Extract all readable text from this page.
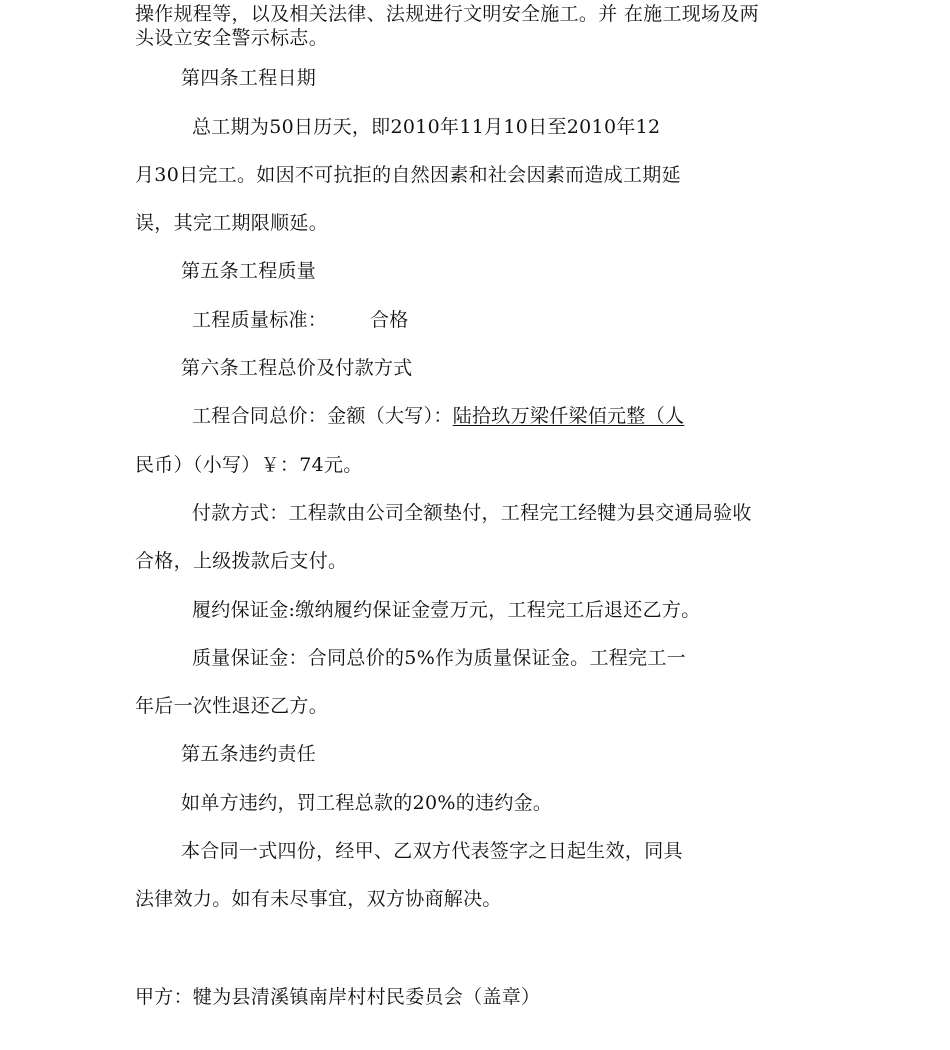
操作规程等，以及相关法律、法规进行文明安全施工。并 在施工现场及两
头设立安全警示标志。
第四条工程日期
总工期为50日历天，即2010年11月10日至2010年12
月30日完工。如因不可抗拒的自然因素和社会因素而造成工期延
误，其完工期限顺延。
第五条工程质量
工程质量标准： 合格
第六条工程总价及付款方式
工程合同总价：金额（大写）：陆拾玖万梁仟梁佰元整（人
民币）（小写）￥：74元。
付款方式：工程款由公司全额垫付，工程完工经犍为县交通局验收
合格，上级拨款后支付。
履约保证金:缴纳履约保证金壹万元，工程完工后退还乙方。
质量保证金：合同总价的5%作为质量保证金。工程完工一
年后一次性退还乙方。
第五条违约责任
如单方违约，罚工程总款的20%的违约金。
本合同一式四份，经甲、乙双方代表签字之日起生效，同具
法律效力。如有未尽事宜，双方协商解决。
甲方：犍为县清溪镇南岸村村民委员会（盖章）
